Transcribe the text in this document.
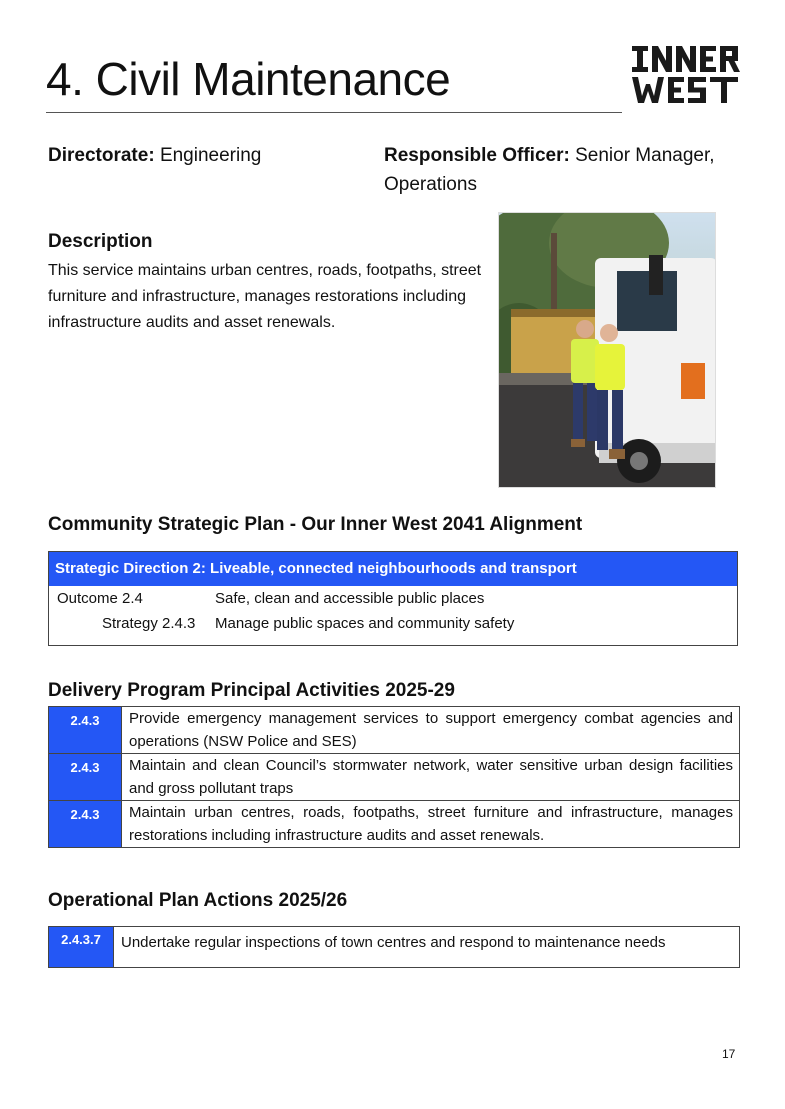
4. Civil Maintenance
Directorate: Engineering	Responsible Officer: Senior Manager, Operations
Description

This service maintains urban centres, roads, footpaths, street furniture and infrastructure, manages restorations including infrastructure audits and asset renewals.

Community Strategic Plan - Our Inner West 2041 Alignment
Strategic Direction 2: Liveable, connected neighbourhoods and transport
Outcome 2.4	Safe, clean and accessible public places
Strategy 2.4.3 Manage public spaces and community safety
Delivery Program Principal Activities 2025-29
2.4.3	Provide emergency management services to support emergency combat agencies and operations (NSW Police and SES)
2.4.3	Maintain and clean Council’s stormwater network, water sensitive urban design facilities and gross pollutant traps
2.4.3	Maintain urban centres, roads, footpaths, street furniture and infrastructure, manages restorations including infrastructure audits and asset renewals.
Operational Plan Actions 2025/26
2.4.3.7	Undertake regular inspections of town centres and respond to maintenance needs
17
